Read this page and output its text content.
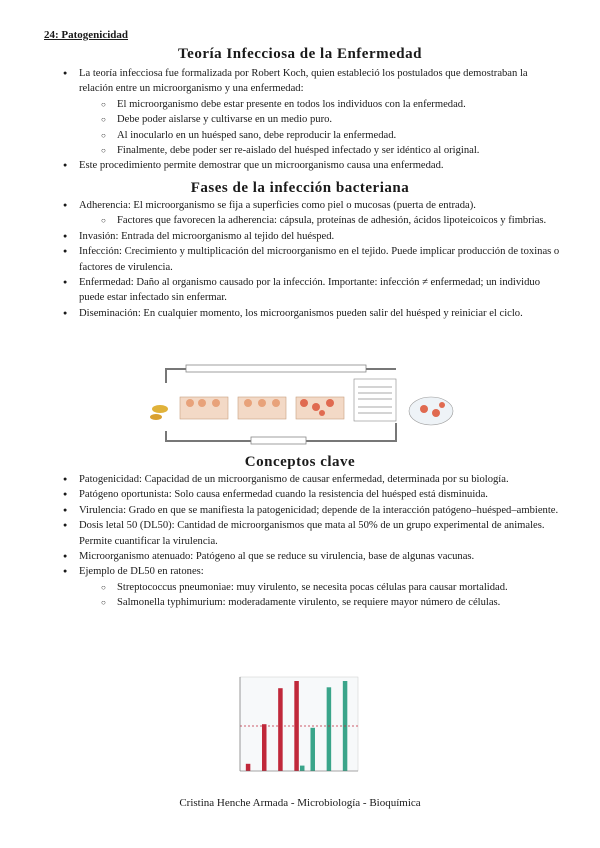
24: Patogenicidad
Teoría Infecciosa de la Enfermedad
● La teoría infecciosa fue formalizada por Robert Koch, quien estableció los postulados que demostraban la relación entre un microorganismo y una enfermedad:
○ El microorganismo debe estar presente en todos los individuos con la enfermedad.
○ Debe poder aislarse y cultivarse en un medio puro.
○ Al inocularlo en un huésped sano, debe reproducir la enfermedad.
○ Finalmente, debe poder ser re-aislado del huésped infectado y ser idéntico al original.
● Este procedimiento permite demostrar que un microorganismo causa una enfermedad.
Fases de la infección bacteriana
● Adherencia: El microorganismo se fija a superficies como piel o mucosas (puerta de entrada).
○ Factores que favorecen la adherencia: cápsula, proteínas de adhesión, ácidos lipoteicoicos y fimbrias.
● Invasión: Entrada del microorganismo al tejido del huésped.
● Infección: Crecimiento y multiplicación del microorganismo en el tejido. Puede implicar producción de toxinas o factores de virulencia.
● Enfermedad: Daño al organismo causado por la infección. Importante: infección ≠ enfermedad; un individuo puede estar infectado sin enfermar.
● Diseminación: En cualquier momento, los microorganismos pueden salir del huésped y reiniciar el ciclo.
Conceptos clave
● Patogenicidad: Capacidad de un microorganismo de causar enfermedad, determinada por su biología.
● Patógeno oportunista: Solo causa enfermedad cuando la resistencia del huésped está disminuida.
● Virulencia: Grado en que se manifiesta la patogenicidad; depende de la interacción patógeno–huésped–ambiente.
● Dosis letal 50 (DL50): Cantidad de microorganismos que mata al 50% de un grupo experimental de animales. Permite cuantificar la virulencia.
● Microorganismo atenuado: Patógeno al que se reduce su virulencia, base de algunas vacunas.
● Ejemplo de DL50 en ratones:
○ Streptococcus pneumoniae: muy virulento, se necesita pocas células para causar mortalidad.
○ Salmonella typhimurium: moderadamente virulento, se requiere mayor número de células.
Cristina Henche Armada - Microbiología - Bioquímica
